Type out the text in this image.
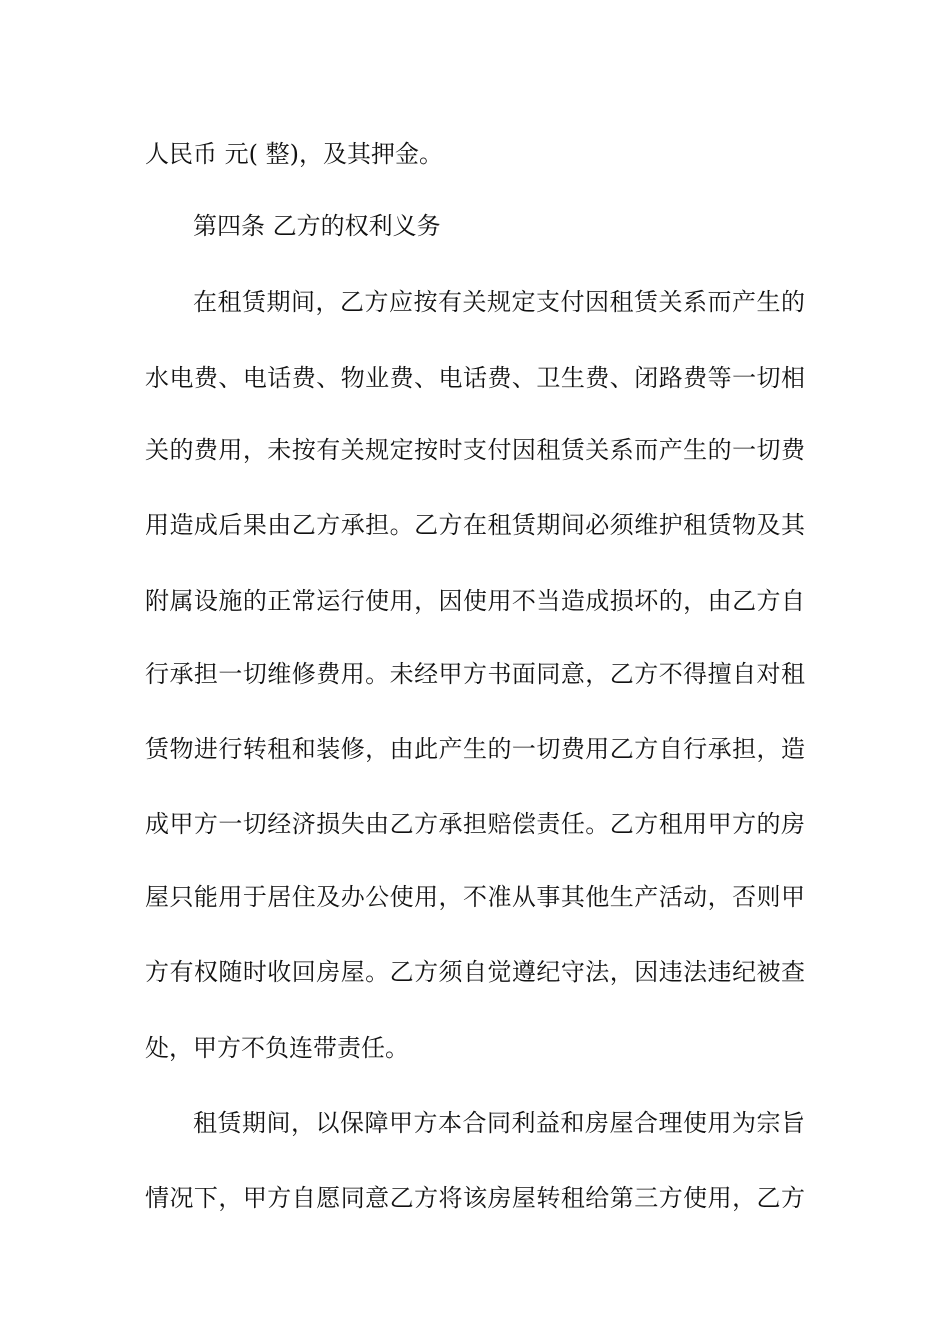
人民币 元( 整)，及其押金。
第四条 乙方的权利义务
在租赁期间，乙方应按有关规定支付因租赁关系而产生的
水电费、电话费、物业费、电话费、卫生费、闭路费等一切相
关的费用，未按有关规定按时支付因租赁关系而产生的一切费
用造成后果由乙方承担。乙方在租赁期间必须维护租赁物及其
附属设施的正常运行使用，因使用不当造成损坏的，由乙方自
行承担一切维修费用。未经甲方书面同意，乙方不得擅自对租
赁物进行转租和装修，由此产生的一切费用乙方自行承担，造
成甲方一切经济损失由乙方承担赔偿责任。乙方租用甲方的房
屋只能用于居住及办公使用，不准从事其他生产活动，否则甲
方有权随时收回房屋。乙方须自觉遵纪守法，因违法违纪被查
处，甲方不负连带责任。
租赁期间，以保障甲方本合同利益和房屋合理使用为宗旨
情况下，甲方自愿同意乙方将该房屋转租给第三方使用，乙方
